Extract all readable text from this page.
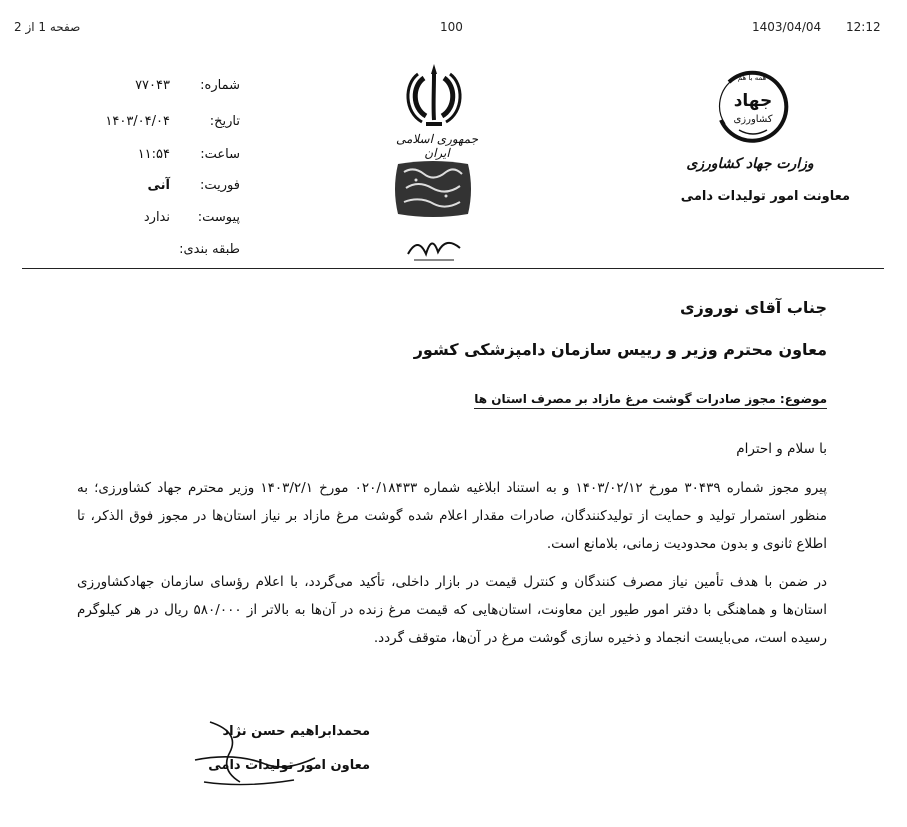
صفحه 1 از 2	100	1403/04/04 12:12
همه با هم
جهاد
کشاورزی
وزارت جهاد کشاورزی
معاونت امور تولیدات دامی
جمهوری اسلامی ایران
شماره:
۷۷۰۴۳
تاریخ:
۱۴۰۳/۰۴/۰۴
ساعت:
۱۱:۵۴
فوریت:
آنی
پیوست:
ندارد
طبقه بندی:
جناب آقای نوروزی
معاون محترم وزیر و رییس سازمان دامپزشکی کشور
موضوع: مجوز صادرات گوشت مرغ مازاد بر مصرف استان ها
با سلام و احترام
پیرو مجوز شماره ۳۰۴۳۹ مورخ ۱۴۰۳/۰۲/۱۲ و به استناد ابلاغیه شماره ۰۲۰/۱۸۴۳۳ مورخ ۱۴۰۳/۲/۱ وزیر محترم جهاد کشاورزی؛ به منظور استمرار تولید و حمایت از تولیدکنندگان، صادرات مقدار اعلام شده گوشت مرغ مازاد بر نیاز استان‌ها در مجوز فوق الذکر، تا اطلاع ثانوی و بدون محدودیت زمانی، بلامانع است.
در ضمن با هدف تأمین نیاز مصرف کنندگان و کنترل قیمت در بازار داخلی، تأکید می‌گردد، با اعلام رؤسای سازمان جهادکشاورزی استان‌ها و هماهنگی با دفتر امور طیور این معاونت، استان‌هایی که قیمت مرغ زنده در آن‌ها به بالاتر از ۵۸۰/۰۰۰ ریال در هر کیلوگرم رسیده است، می‌بایست انجماد و ذخیره سازی گوشت مرغ در آن‌ها، متوقف گردد.
محمدابراهیم حسن نژاد
معاون امور تولیدات دامی
